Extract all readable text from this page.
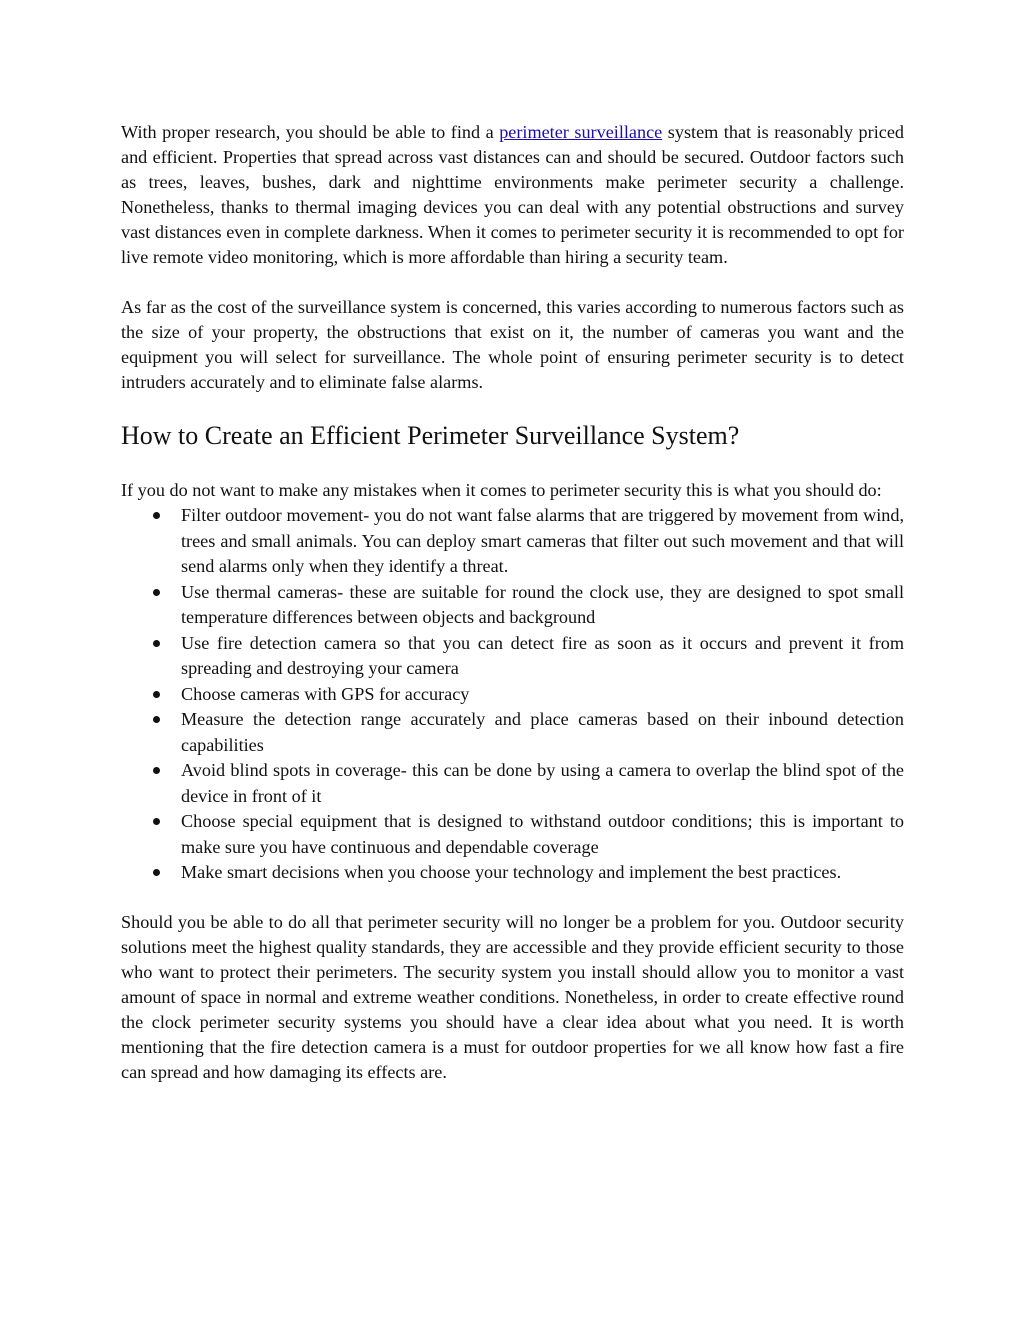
With proper research, you should be able to find a perimeter surveillance system that is reasonably priced and efficient. Properties that spread across vast distances can and should be secured. Outdoor factors such as trees, leaves, bushes, dark and nighttime environments make perimeter security a challenge. Nonetheless, thanks to thermal imaging devices you can deal with any potential obstructions and survey vast distances even in complete darkness. When it comes to perimeter security it is recommended to opt for live remote video monitoring, which is more affordable than hiring a security team.

As far as the cost of the surveillance system is concerned, this varies according to numerous factors such as the size of your property, the obstructions that exist on it, the number of cameras you want and the equipment you will select for surveillance. The whole point of ensuring perimeter security is to detect intruders accurately and to eliminate false alarms.

How to Create an Efficient Perimeter Surveillance System?

If you do not want to make any mistakes when it comes to perimeter security this is what you should do:

Filter outdoor movement- you do not want false alarms that are triggered by movement from wind, trees and small animals. You can deploy smart cameras that filter out such movement and that will send alarms only when they identify a threat.
Use thermal cameras- these are suitable for round the clock use, they are designed to spot small temperature differences between objects and background
Use fire detection camera so that you can detect fire as soon as it occurs and prevent it from spreading and destroying your camera
Choose cameras with GPS for accuracy
Measure the detection range accurately and place cameras based on their inbound detection capabilities
Avoid blind spots in coverage- this can be done by using a camera to overlap the blind spot of the device in front of it
Choose special equipment that is designed to withstand outdoor conditions; this is important to make sure you have continuous and dependable coverage
Make smart decisions when you choose your technology and implement the best practices.

Should you be able to do all that perimeter security will no longer be a problem for you. Outdoor security solutions meet the highest quality standards, they are accessible and they provide efficient security to those who want to protect their perimeters. The security system you install should allow you to monitor a vast amount of space in normal and extreme weather conditions. Nonetheless, in order to create effective round the clock perimeter security systems you should have a clear idea about what you need. It is worth mentioning that the fire detection camera is a must for outdoor properties for we all know how fast a fire can spread and how damaging its effects are.
